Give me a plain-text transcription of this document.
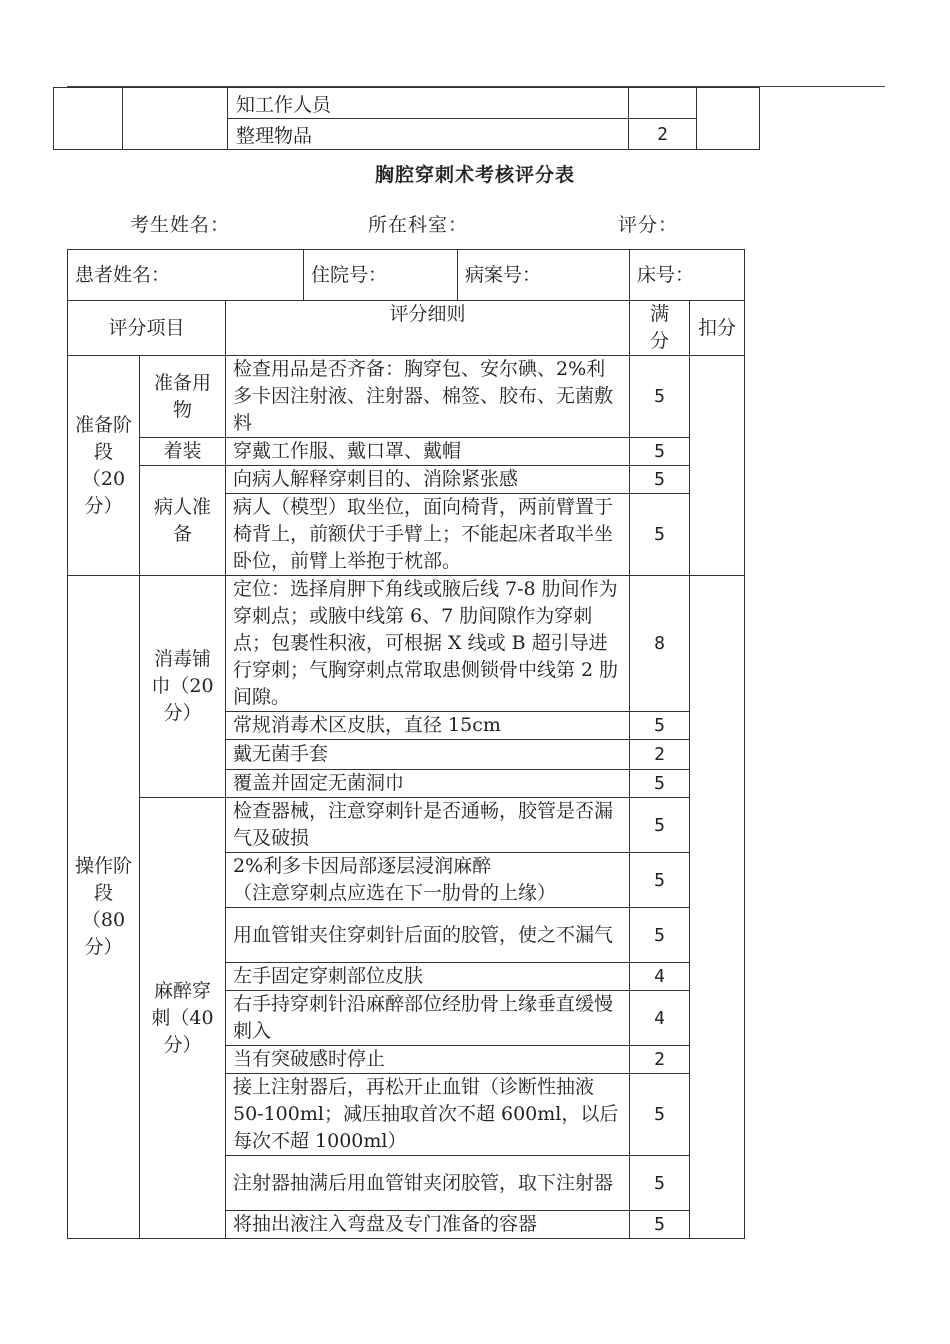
		知工作人员		
		整理物品	2	
胸腔穿刺术考核评分表
考生姓名：	所在科室：	评分：
患者姓名：			住院号：	病案号：	床号：	
评分项目		评分细则			满分	扣分
准备阶段（20分）	准备用物	检查用品是否齐备：胸穿包、安尔碘、2%利多卡因注射液、注射器、棉签、胶布、无菌敷料			5	
	着装	穿戴工作服、戴口罩、戴帽			5	
	病人准备	向病人解释穿刺目的、消除紧张感			5	
		病人（模型）取坐位，面向椅背，两前臂置于椅背上，前额伏于手臂上；不能起床者取半坐卧位，前臂上举抱于枕部。			5	
操作阶段（80分）	消毒铺巾（20分）	定位：选择肩胛下角线或腋后线 7-8 肋间作为穿刺点；或腋中线第 6、7 肋间隙作为穿刺点；包裹性积液，可根据 X 线或 B 超引导进行穿刺；气胸穿刺点常取患侧锁骨中线第 2 肋间隙。			8	
		常规消毒术区皮肤，直径 15cm			5	
		戴无菌手套			2	
		覆盖并固定无菌洞巾			5	
	麻醉穿刺（40分）	检查器械，注意穿刺针是否通畅，胶管是否漏气及破损			5	
		2%利多卡因局部逐层浸润麻醉
（注意穿刺点应选在下一肋骨的上缘）			5	
		用血管钳夹住穿刺针后面的胶管，使之不漏气			5	
		左手固定穿刺部位皮肤			4	
		右手持穿刺针沿麻醉部位经肋骨上缘垂直缓慢刺入			4	
		当有突破感时停止			2	
		接上注射器后，再松开止血钳（诊断性抽液 50-100ml；减压抽取首次不超 600ml，以后每次不超 1000ml）			5	
		注射器抽满后用血管钳夹闭胶管，取下注射器			5	
		将抽出液注入弯盘及专门准备的容器			5	
